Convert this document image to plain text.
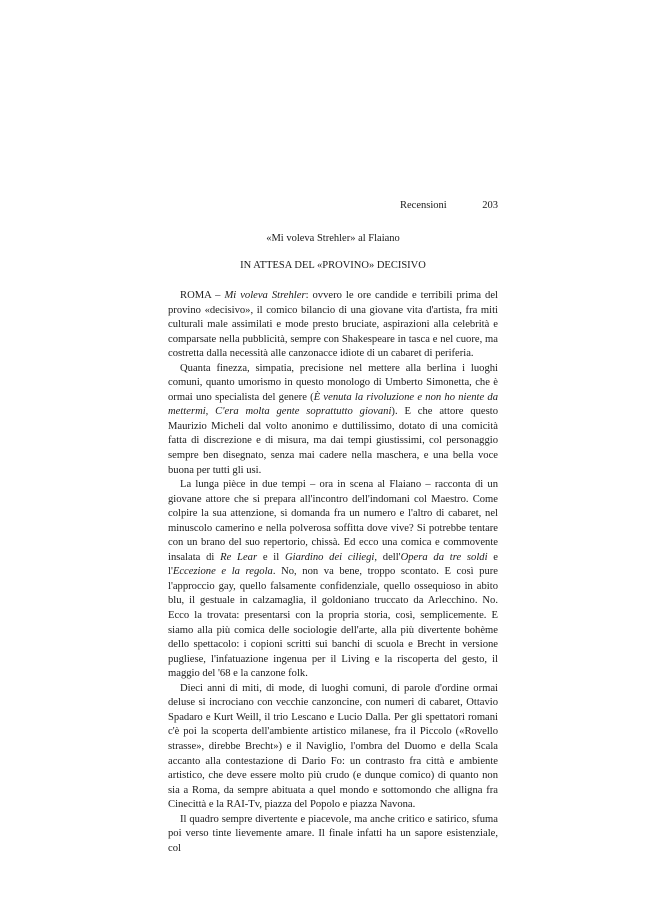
Recensioni	203
«Mi voleva Strehler» al Flaiano
IN ATTESA DEL «PROVINO» DECISIVO

ROMA – Mi voleva Strehler: ovvero le ore candide e terribili prima del provino «decisivo», il comico bilancio di una giovane vita d'artista, fra miti culturali male assimilati e mode presto bruciate, aspirazioni alla celebrità e comparsate nella pubblicità, sempre con Shakespeare in tasca e nel cuore, ma costretta dalla necessità alle canzonacce idiote di un cabaret di periferia.

Quanta finezza, simpatia, precisione nel mettere alla berlina i luoghi comuni, quanto umorismo in questo monologo di Umberto Simonetta, che è ormai uno specialista del genere (È venuta la rivoluzione e non ho niente da mettermi, C'era molta gente soprattutto giovani). E che attore questo Maurizio Micheli dal volto anonimo e duttilissimo, dotato di una comicità fatta di discrezione e di misura, ma dai tempi giustissimi, col personaggio sempre ben disegnato, senza mai cadere nella maschera, e una bella voce buona per tutti gli usi.

La lunga pièce in due tempi – ora in scena al Flaiano – racconta di un giovane attore che si prepara all'incontro dell'indomani col Maestro. Come colpire la sua attenzione, si domanda fra un numero e l'altro di cabaret, nel minuscolo camerino e nella polverosa soffitta dove vive? Si potrebbe tentare con un brano del suo repertorio, chissà. Ed ecco una comica e commovente insalata di Re Lear e il Giardino dei ciliegi, dell'Opera da tre soldi e l'Eccezione e la regola. No, non va bene, troppo scontato. E così pure l'approccio gay, quello falsamente confidenziale, quello ossequioso in abito blu, il gestuale in calzamaglia, il goldoniano truccato da Arlecchino. No. Ecco la trovata: presentarsi con la propria storia, così, semplicemente. E siamo alla più comica delle sociologie dell'arte, alla più divertente bohème dello spettacolo: i copioni scritti sui banchi di scuola e Brecht in versione pugliese, l'infatuazione ingenua per il Living e la riscoperta del gesto, il maggio del '68 e la canzone folk.

Dieci anni di miti, di mode, di luoghi comuni, di parole d'ordine ormai deluse si incrociano con vecchie canzoncine, con numeri di cabaret, Ottavio Spadaro e Kurt Weill, il trio Lescano e Lucio Dalla. Per gli spettatori romani c'è poi la scoperta dell'ambiente artistico milanese, fra il Piccolo («Rovello strasse», direbbe Brecht») e il Naviglio, l'ombra del Duomo e della Scala accanto alla contestazione di Dario Fo: un contrasto fra città e ambiente artistico, che deve essere molto più crudo (e dunque comico) di quanto non sia a Roma, da sempre abituata a quel mondo e sottomondo che alligna fra Cinecittà e la RAI-Tv, piazza del Popolo e piazza Navona.

Il quadro sempre divertente e piacevole, ma anche critico e satirico, sfuma poi verso tinte lievemente amare. Il finale infatti ha un sapore esistenziale, col
